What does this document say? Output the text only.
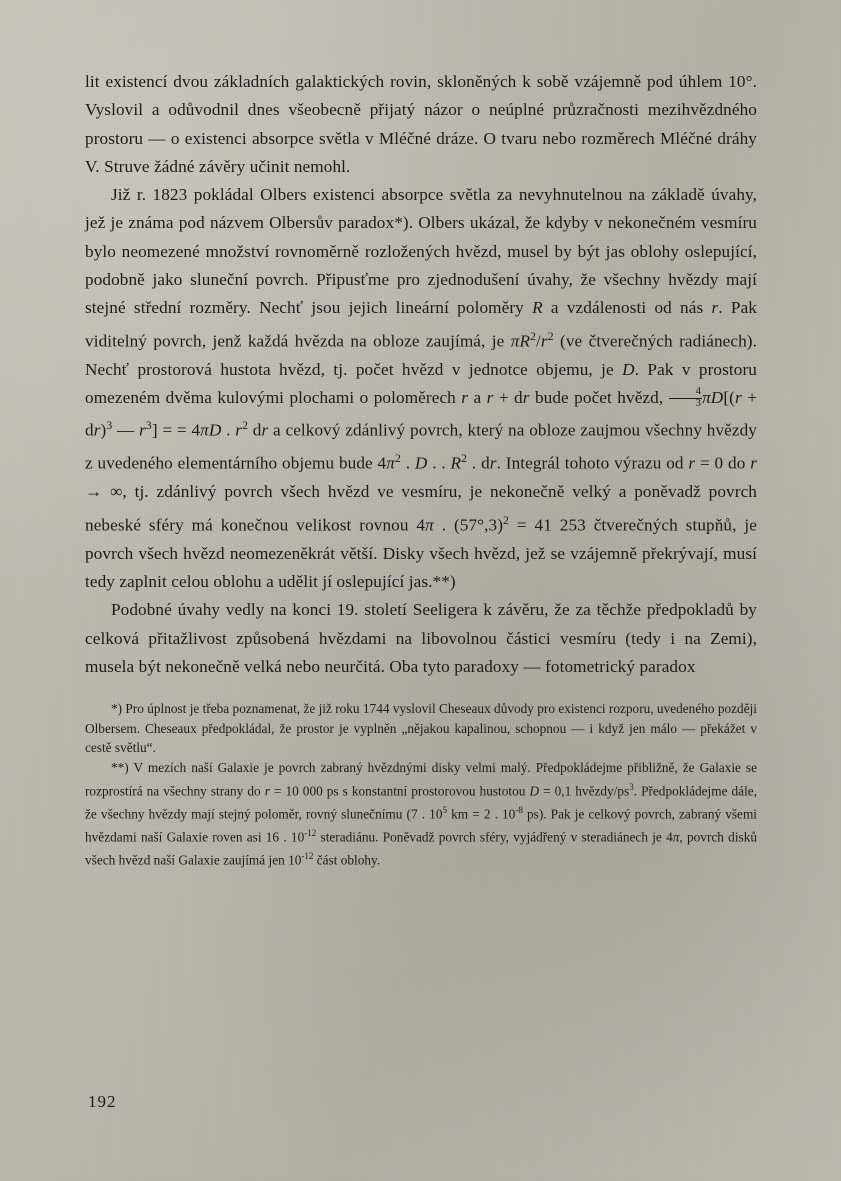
lit existencí dvou základních galaktických rovin, skloněných k sobě vzájemně pod úhlem 10°. Vyslovil a odůvodnil dnes všeobecně přijatý názor o neúplné průzračnosti mezihvězdného prostoru — o existenci absorpce světla v Mléčné dráze. O tvaru nebo rozměrech Mléčné dráhy V. Struve žádné závěry učinit nemohl.

Již r. 1823 pokládal Olbers existenci absorpce světla za nevyhnutelnou na základě úvahy, jež je známa pod názvem Olbersův paradox*). Olbers ukázal, že kdyby v nekonečném vesmíru bylo neomezené množství rovnoměrně rozložených hvězd, musel by být jas oblohy oslepující, podobně jako sluneční povrch. Připusťme pro zjednodušení úvahy, že všechny hvězdy mají stejné střední rozměry. Nechť jsou jejich lineární poloměry R a vzdálenosti od nás r. Pak viditelný povrch, jenž každá hvězda na obloze zaujímá, je $\pi R^2/r^2$ (ve čtverečných radiánech). Nechť prostorová hustota hvězd, tj. počet hvězd v jednotce objemu, je D. Pak v prostoru omezeném dvěma kulovými plochami o poloměrech r a r + dr bude počet hvězd, $\frac{4}{3} \pi D[(r + dr)^3$ — $r^3$] = = 4πD . $r^2$ dr a celkový zdánlivý povrch, který na obloze zaujmou všechny hvězdy z uvedeného elementárního objemu bude $4\pi^2$ . D . . $R^2$ . dr. Integrál tohoto výrazu od r = 0 do r → ∞, tj. zdánlivý povrch všech hvězd ve vesmíru, je nekonečně velký a poněvadž povrch nebeské sféry má konečnou velikost rovnou 4π . $(57^\circ,3)^2 = 41$ 253 čtverečných stupňů, je povrch všech hvězd neomezeněkrát větší. Disky všech hvězd, jež se vzájemně překrývají, musí tedy zaplnit celou oblohu a udělit jí oslepující jas.**)

Podobné úvahy vedly na konci 19. století Seeligera k závěru, že za těchže předpokladů by celková přitažlivost způsobená hvězdami na libovolnou částici vesmíru (tedy i na Zemi), musela být nekonečně velká nebo neurčitá. Oba tyto paradoxy — fotometrický paradox

*) Pro úplnost je třeba poznamenat, že již roku 1744 vyslovil Cheseaux důvody pro existenci rozporu, uvedeného později Olbersem. Cheseaux předpokládal, že prostor je vyplněn „nějakou kapalinou, schopnou — i když jen málo — překážet v cestě světlu“.

**) V mezích naší Galaxie je povrch zabraný hvězdnými disky velmi malý. Předpokládejme přibližně, že Galaxie se rozprostírá na všechny strany do r = 10 000 ps s konstantní prostorovou hustotou D = 0,1 hvězdy/$ps^3$. Předpokládejme dále, že všechny hvězdy mají stejný poloměr, rovný slunečnímu (7 . $10^5$ km = 2 . $10^{-8}$ ps). Pak je celkový povrch, zabraný všemi hvězdami naší Galaxie roven asi 16 . $10^{-12}$ steradiánu. Poněvadž povrch sféry, vyjádřený v steradiánech je 4π, povrch disků všech hvězd naší Galaxie zaujímá jen $10^{-12}$ část oblohy.

192
